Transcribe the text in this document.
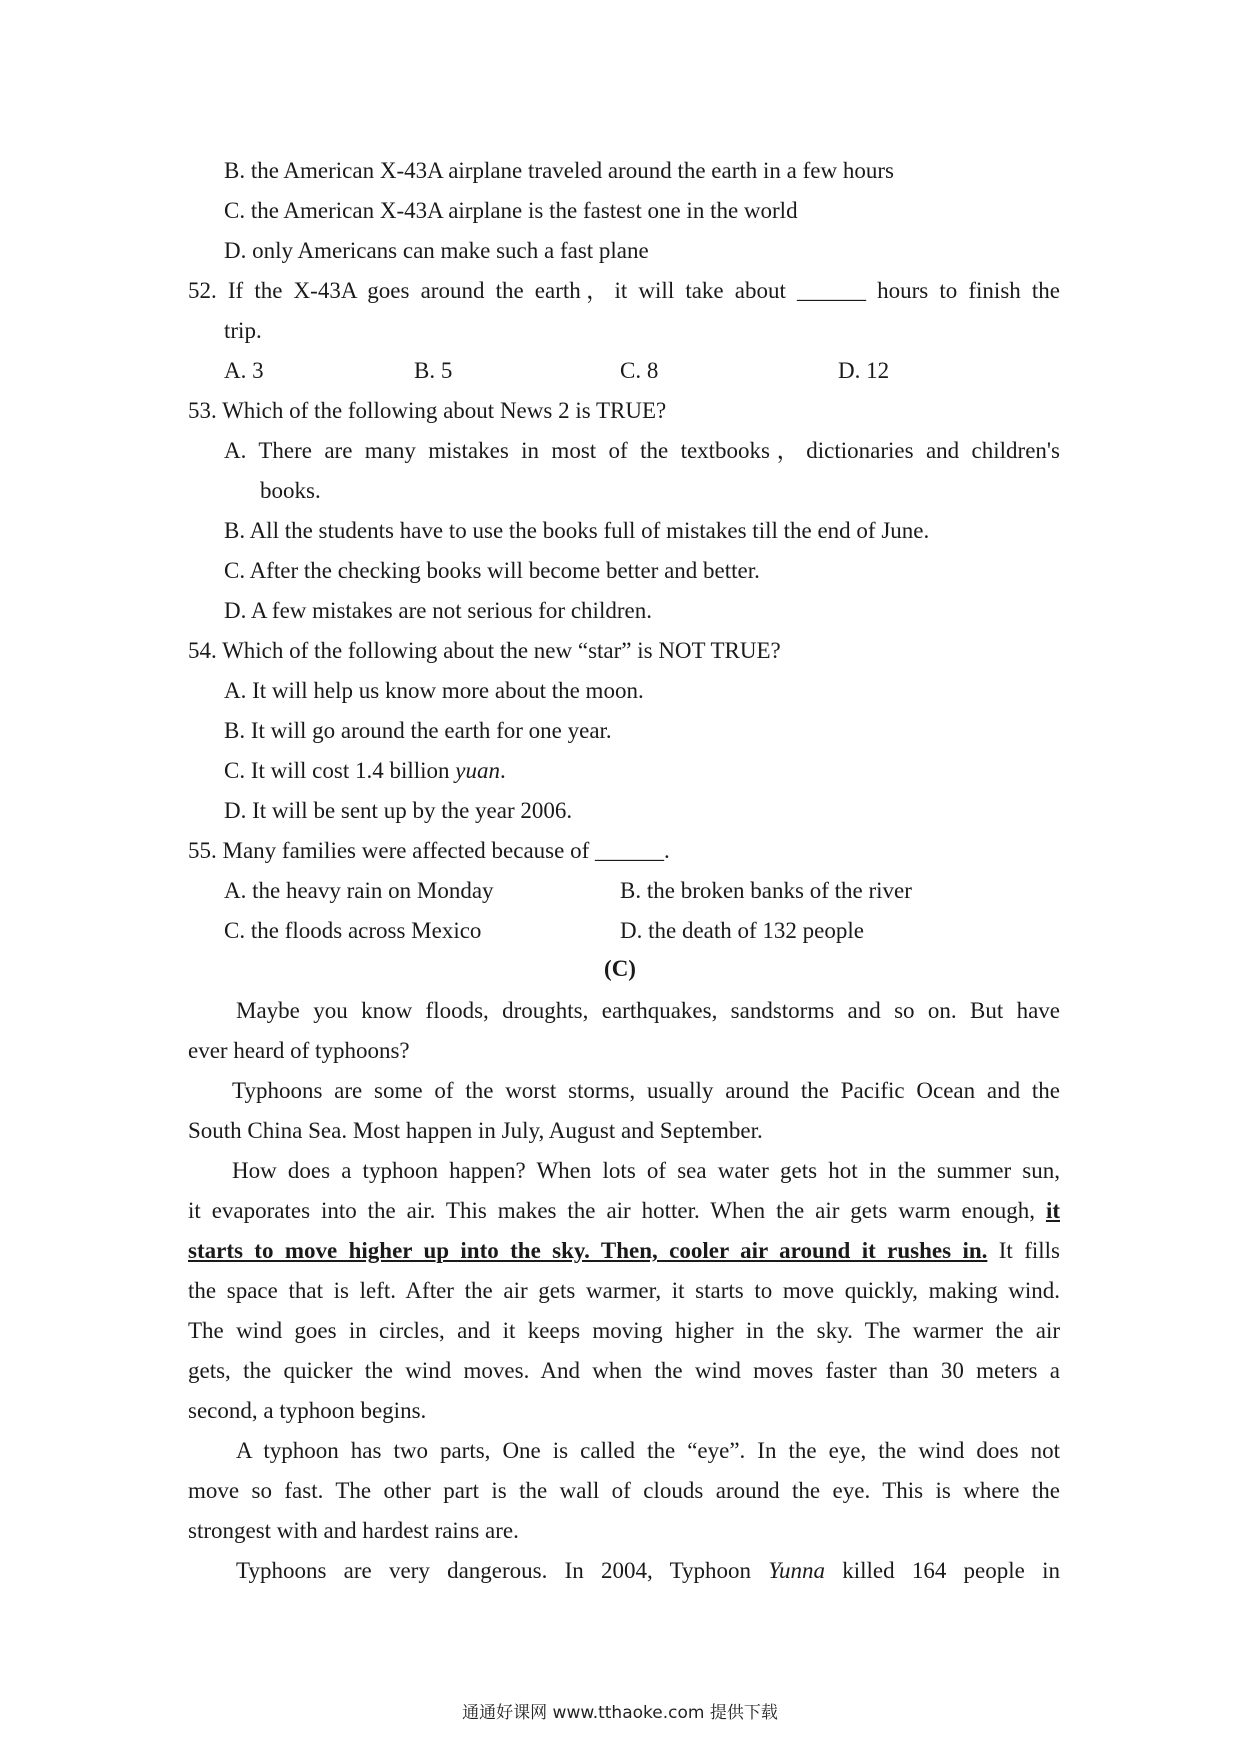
B. the American X-43A airplane traveled around the earth in a few hours
C. the American X-43A airplane is the fastest one in the world
D. only Americans can make such a fast plane
52. If the X-43A goes around the earth，it will take about ______ hours to finish the
trip.
A. 3	B. 5	C. 8	D. 12
53. Which of the following about News 2 is TRUE?
A. There are many mistakes in most of the textbooks，dictionaries and children's
books.
B. All the students have to use the books full of mistakes till the end of June.
C. After the checking books will become better and better.
D. A few mistakes are not serious for children.
54. Which of the following about the new “star” is NOT TRUE?
A. It will help us know more about the moon.
B. It will go around the earth for one year.
C. It will cost 1.4 billion yuan.
D. It will be sent up by the year 2006.
55. Many families were affected because of ______.
A. the heavy rain on Monday	B. the broken banks of the river
C. the floods across Mexico	D. the death of 132 people
(C)
Maybe you know floods, droughts, earthquakes, sandstorms and so on. But have
ever heard of typhoons?
Typhoons are some of the worst storms, usually around the Pacific Ocean and the
South China Sea. Most happen in July, August and September.
How does a typhoon happen? When lots of sea water gets hot in the summer sun,
it evaporates into the air. This makes the air hotter. When the air gets warm enough, it
starts to move higher up into the sky. Then, cooler air around it rushes in. It fills
the space that is left. After the air gets warmer, it starts to move quickly, making wind.
The wind goes in circles, and it keeps moving higher in the sky. The warmer the air
gets, the quicker the wind moves. And when the wind moves faster than 30 meters a
second, a typhoon begins.
A typhoon has two parts, One is called the “eye”. In the eye, the wind does not
move so fast. The other part is the wall of clouds around the eye. This is where the
strongest with and hardest rains are.
Typhoons are very dangerous. In 2004, Typhoon Yunna killed 164 people in
通通好课网 www.tthaoke.com 提供下载
